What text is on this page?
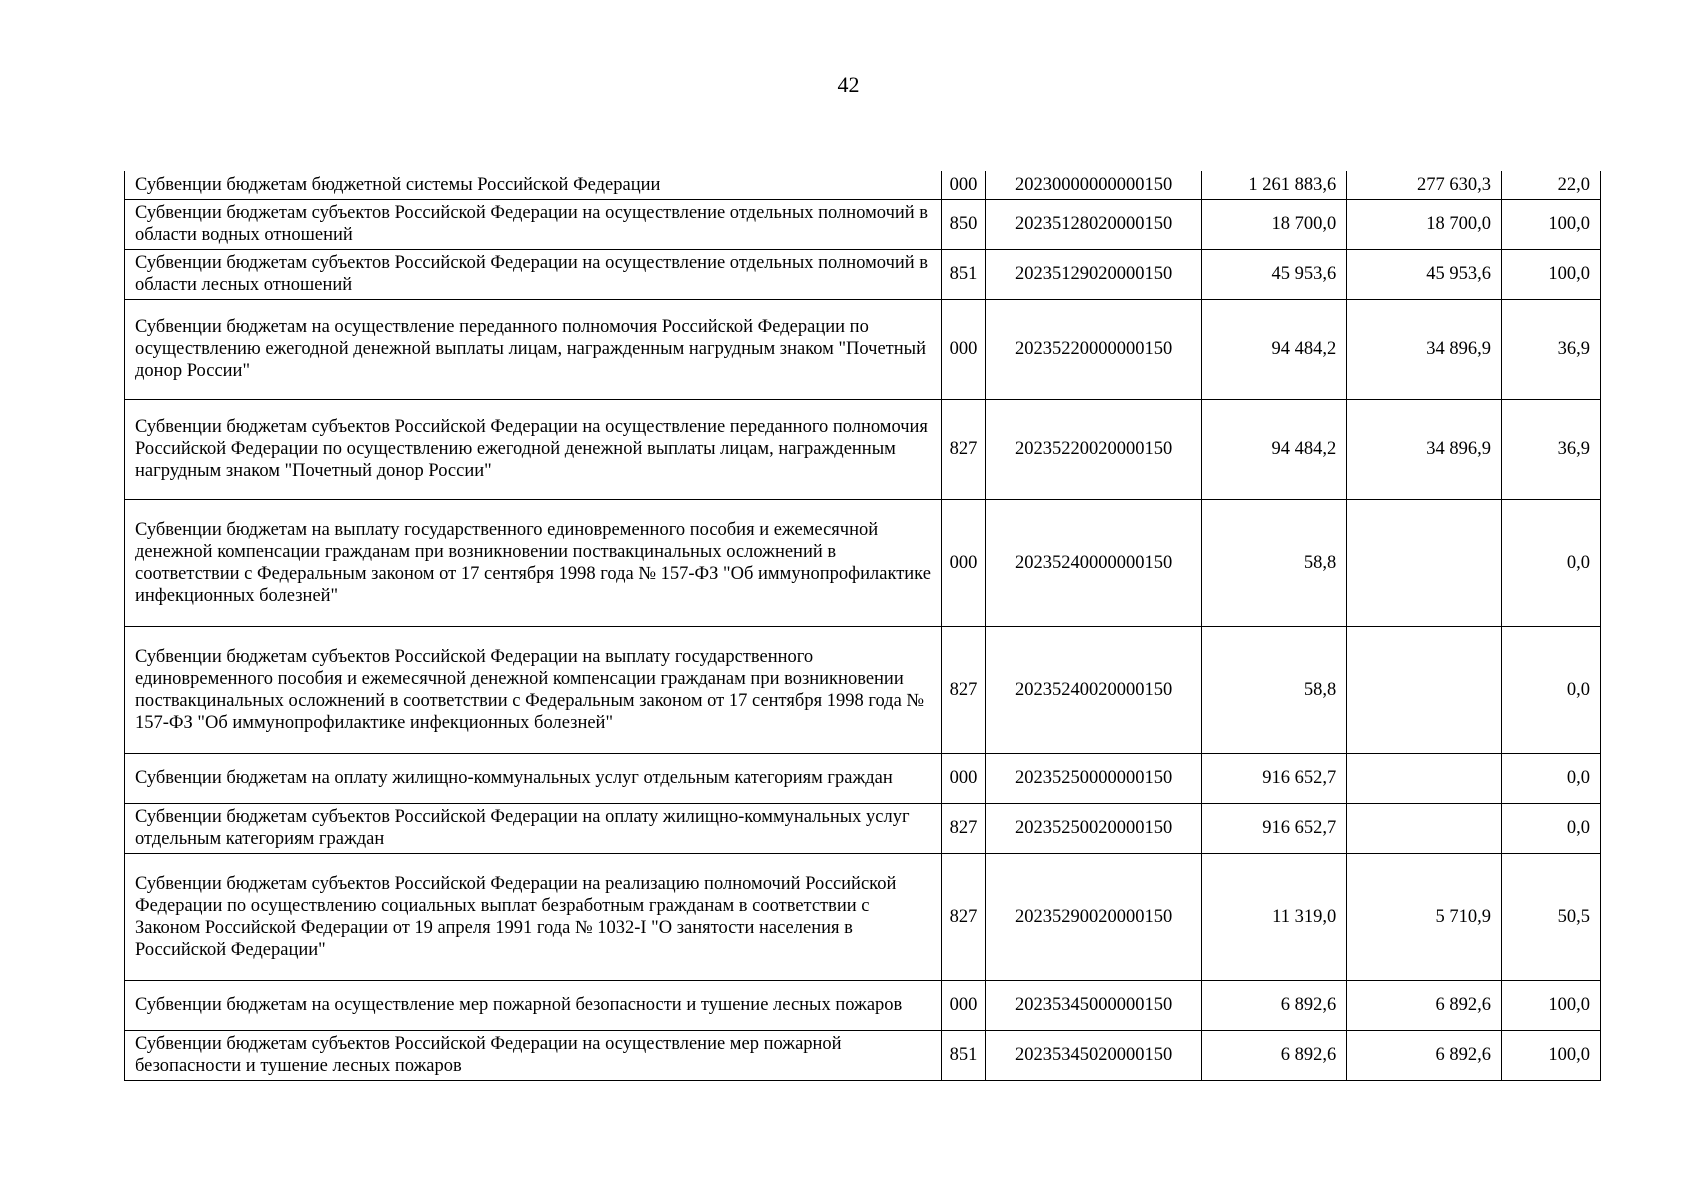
42
Субвенции бюджетам бюджетной системы Российской Федерации	000	20230000000000150	1 261 883,6	277 630,3	22,0
Субвенции бюджетам субъектов Российской Федерации на осуществление отдельных полномочий в области водных отношений	850	20235128020000150	18 700,0	18 700,0	100,0
Субвенции бюджетам субъектов Российской Федерации на осуществление отдельных полномочий в области лесных отношений	851	20235129020000150	45 953,6	45 953,6	100,0
Субвенции бюджетам на осуществление переданного полномочия Российской Федерации по осуществлению ежегодной денежной выплаты лицам, награжденным нагрудным знаком "Почетный донор России"	000	20235220000000150	94 484,2	34 896,9	36,9
Субвенции бюджетам субъектов Российской Федерации на осуществление переданного полномочия Российской Федерации по осуществлению ежегодной денежной выплаты лицам, награжденным нагрудным знаком "Почетный донор России"	827	20235220020000150	94 484,2	34 896,9	36,9
Субвенции бюджетам на выплату государственного единовременного пособия и ежемесячной денежной компенсации гражданам при возникновении поствакцинальных осложнений в соответствии с Федеральным законом от 17 сентября 1998 года № 157-ФЗ "Об иммунопрофилактике инфекционных болезней"	000	20235240000000150	58,8		0,0
Субвенции бюджетам субъектов Российской Федерации на выплату государственного единовременного пособия и ежемесячной денежной компенсации гражданам при возникновении поствакцинальных осложнений в соответствии с Федеральным законом от 17 сентября 1998 года № 157-ФЗ "Об иммунопрофилактике инфекционных болезней"	827	20235240020000150	58,8		0,0
Субвенции бюджетам на оплату жилищно-коммунальных услуг отдельным категориям граждан	000	20235250000000150	916 652,7		0,0
Субвенции бюджетам субъектов Российской Федерации на оплату жилищно-коммунальных услуг отдельным категориям граждан	827	20235250020000150	916 652,7		0,0
Субвенции бюджетам субъектов Российской Федерации на реализацию полномочий Российской Федерации по осуществлению социальных выплат безработным гражданам в соответствии с Законом Российской Федерации от 19 апреля 1991 года № 1032-I "О занятости населения в Российской Федерации"	827	20235290020000150	11 319,0	5 710,9	50,5
Субвенции бюджетам на осуществление мер пожарной безопасности и тушение лесных пожаров	000	20235345000000150	6 892,6	6 892,6	100,0
Субвенции бюджетам субъектов Российской Федерации на осуществление мер пожарной безопасности и тушение лесных пожаров	851	20235345020000150	6 892,6	6 892,6	100,0
